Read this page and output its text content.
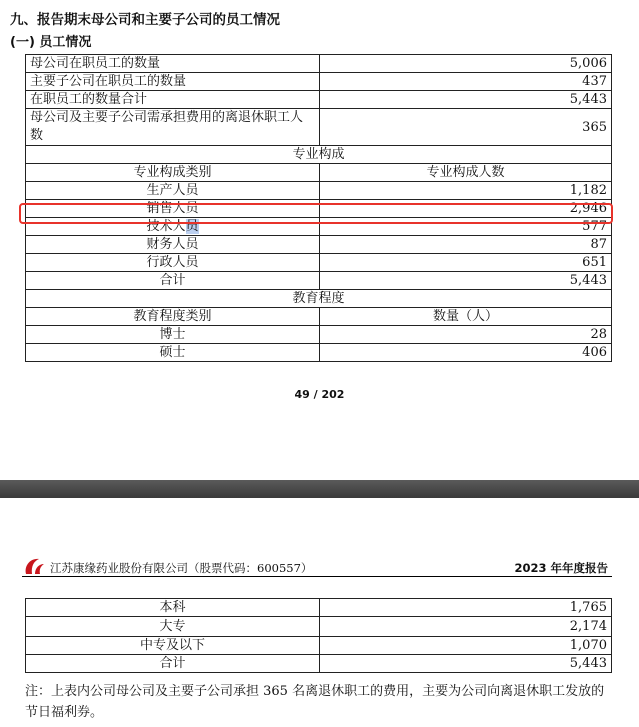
九、报告期末母公司和主要子公司的员工情况
(一) 员工情况
母公司在职员工的数量	5,006
主要子公司在职员工的数量	437
在职员工的数量合计	5,443
母公司及主要子公司需承担费用的离退休职工人数	365
专业构成	
专业构成类别	专业构成人数
生产人员	1,182
销售人员	2,946
技术人员	577
财务人员	87
行政人员	651
合计	5,443
教育程度	
教育程度类别	数量（人）
博士	28
硕士	406
49 / 202
江苏康缘药业股份有限公司（股票代码：600557）	2023 年年度报告
本科	1,765
大专	2,174
中专及以下	1,070
合计	5,443
注：上表内公司母公司及主要子公司承担 365 名离退休职工的费用，主要为公司向离退休职工发放的节日福利券。
